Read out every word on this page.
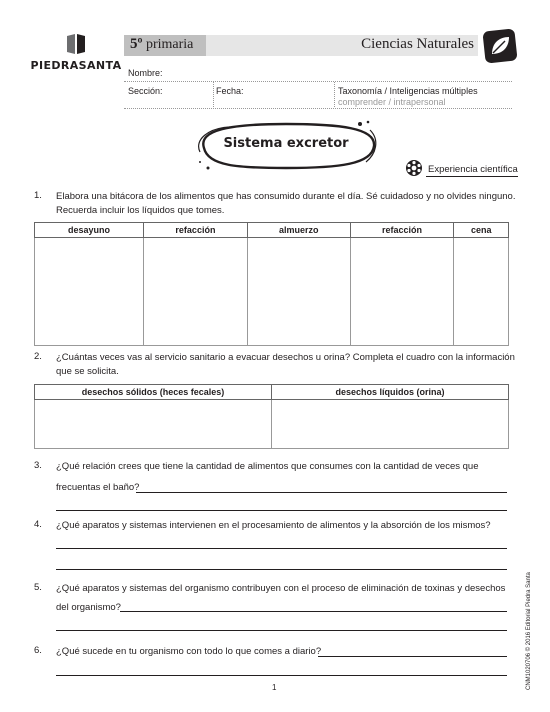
PIEDRASANTA
5º primaria	Ciencias Naturales
Nombre:
Sección:	Fecha:	Taxonomía / Inteligencias múltiples
comprender / intrapersonal
Sistema excretor
Experiencia científica
1. Elabora una bitácora de los alimentos que has consumido durante el día. Sé cuidadoso y no olvides ninguno. Recuerda incluir los líquidos que tomes.
desayuno	refacción	almuerzo	refacción	cena

2. ¿Cuántas veces vas al servicio sanitario a evacuar desechos u orina? Completa el cuadro con la información que se solicita.
desechos sólidos (heces fecales)	desechos líquidos (orina)

3. ¿Qué relación crees que tiene la cantidad de alimentos que consumes con la cantidad de veces que
frecuentas el baño?
4. ¿Qué aparatos y sistemas intervienen en el procesamiento de alimentos y la absorción de los mismos?
5. ¿Qué aparatos y sistemas del organismo contribuyen con el proceso de eliminación de toxinas y desechos
del organismo?
6. ¿Qué sucede en tu organismo con todo lo que comes a diario?
1	CNM1020706 © 2016 Editorial Piedra Santa
